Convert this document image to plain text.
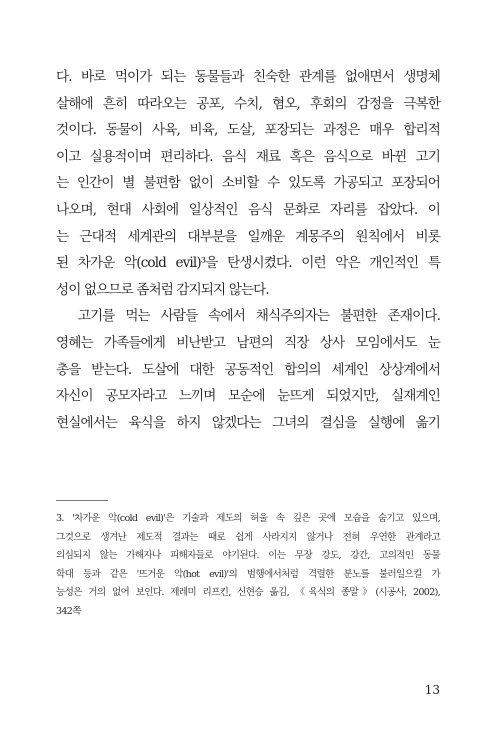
다. 바로 먹이가 되는 동물들과 친숙한 관계를 없애면서 생명체
살해에 흔히 따라오는 공포, 수치, 혐오, 후회의 감정을 극복한
것이다. 동물이 사육, 비육, 도살, 포장되는 과정은 매우 합리적
이고 실용적이며 편리하다. 음식 재료 혹은 음식으로 바뀐 고기
는 인간이 별 불편함 없이 소비할 수 있도록 가공되고 포장되어
나오며, 현대 사회에 일상적인 음식 문화로 자리를 잡았다. 이
는 근대적 세계관의 대부분을 일깨운 계몽주의 원칙에서 비롯
된 차가운 악(cold evil)³을 탄생시켰다. 이런 악은 개인적인 특
성이 없으므로 좀처럼 감지되지 않는다.
고기를 먹는 사람들 속에서 채식주의자는 불편한 존재이다.
영혜는 가족들에게 비난받고 남편의 직장 상사 모임에서도 눈
총을 받는다. 도살에 대한 공동적인 합의의 세계인 상상계에서
자신이 공모자라고 느끼며 모순에 눈뜨게 되었지만, 실재계인
현실에서는 육식을 하지 않겠다는 그녀의 결심을 실행에 옮기
3. '차가운 악(cold evil)'은 기술과 제도의 허울 속 깊은 곳에 모습을 숨기고 있으며,
그것으로 생겨난 제도적 결과는 때로 쉽게 사라지지 않거나 전혀 우연한 관계라고
의심되지 않는 가해자나 피해자들로 야기된다. 이는 무장 강도, 강간, 고의적인 동물
학대 등과 같은 '뜨거운 악(hot evil)'의 범행에서처럼 격렬한 분노를 불러일으킬 가
능성은 거의 없어 보인다. 제레미 리프킨, 신현승 옮김, 《육식의 종말》(시공사, 2002),
342쪽
13
